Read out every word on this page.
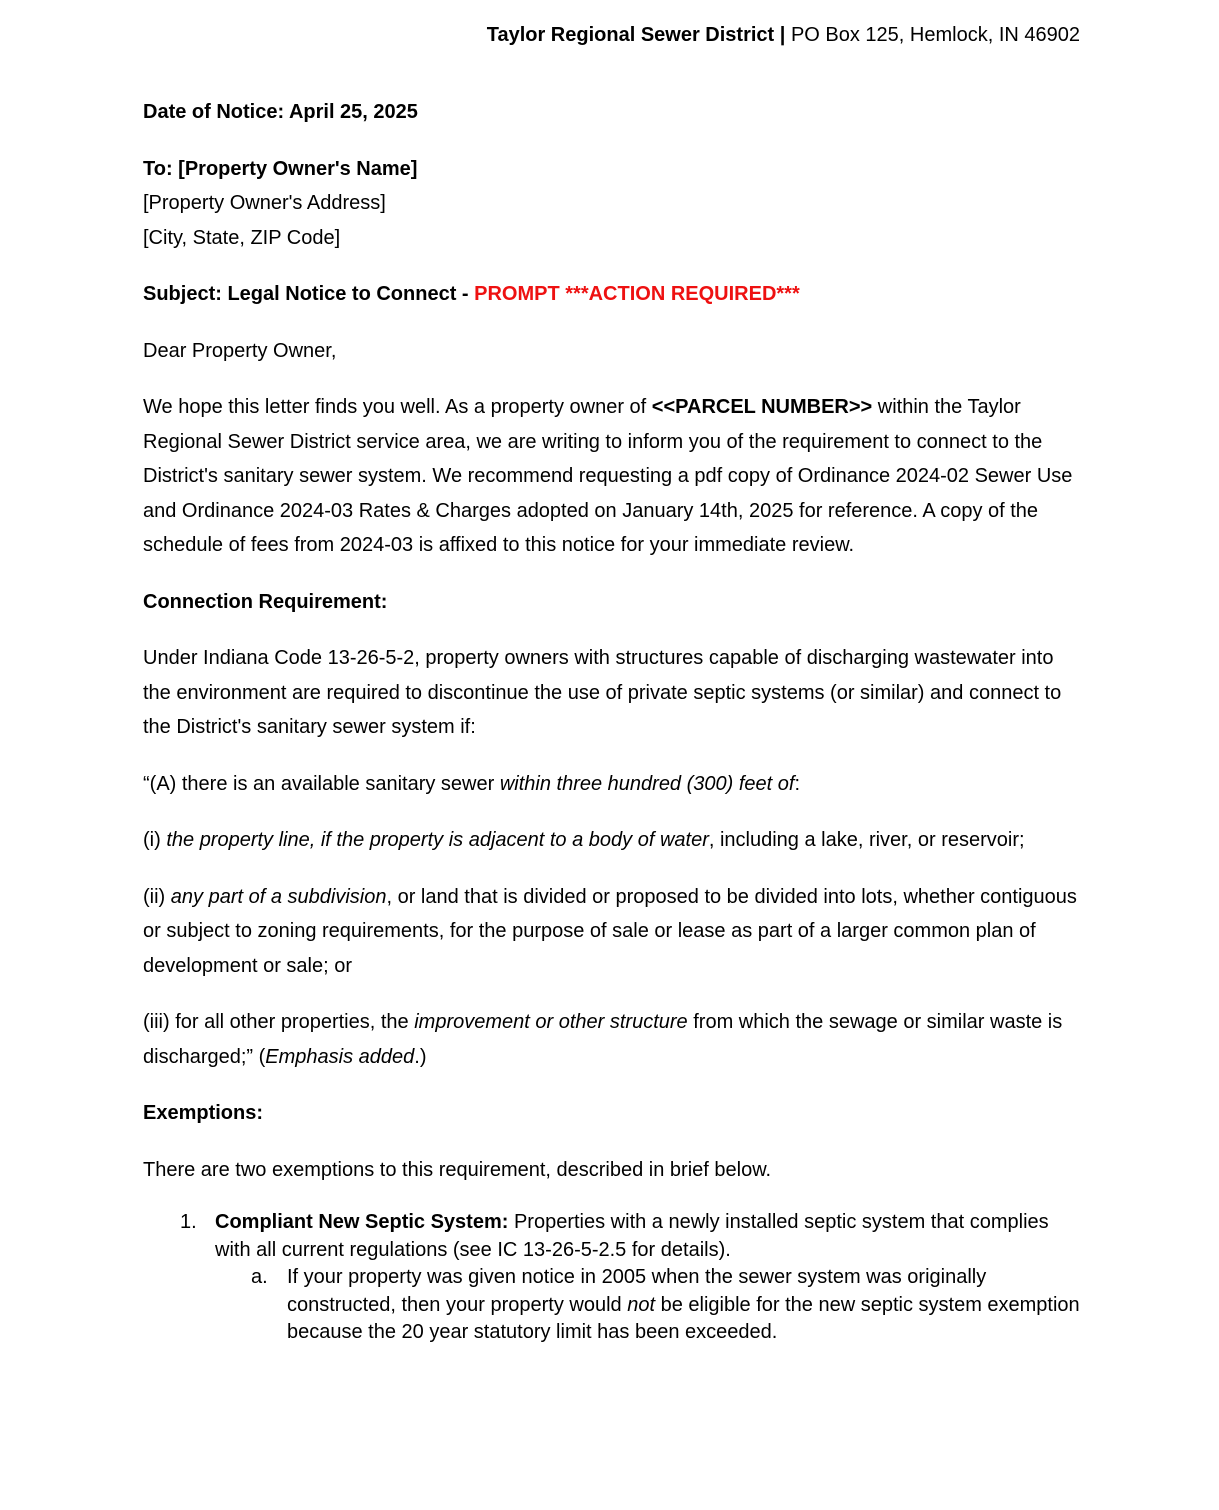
Taylor Regional Sewer District | PO Box 125, Hemlock, IN 46902

Date of Notice: April 25, 2025

To: [Property Owner's Name]
[Property Owner's Address]
[City, State, ZIP Code]

Subject: Legal Notice to Connect - PROMPT ***ACTION REQUIRED***

Dear Property Owner,

We hope this letter finds you well. As a property owner of <<PARCEL NUMBER>> within the Taylor Regional Sewer District service area, we are writing to inform you of the requirement to connect to the District's sanitary sewer system. We recommend requesting a pdf copy of Ordinance 2024-02 Sewer Use and Ordinance 2024-03 Rates & Charges adopted on January 14th, 2025 for reference. A copy of the schedule of fees from 2024-03 is affixed to this notice for your immediate review.

Connection Requirement:

Under Indiana Code 13-26-5-2, property owners with structures capable of discharging wastewater into the environment are required to discontinue the use of private septic systems (or similar) and connect to the District's sanitary sewer system if:

“(A) there is an available sanitary sewer within three hundred (300) feet of:

(i) the property line, if the property is adjacent to a body of water, including a lake, river, or reservoir;

(ii) any part of a subdivision, or land that is divided or proposed to be divided into lots, whether contiguous or subject to zoning requirements, for the purpose of sale or lease as part of a larger common plan of development or sale; or

(iii) for all other properties, the improvement or other structure from which the sewage or similar waste is discharged;” (Emphasis added.)

Exemptions:

There are two exemptions to this requirement, described in brief below.

1. Compliant New Septic System: Properties with a newly installed septic system that complies with all current regulations (see IC 13-26-5-2.5 for details).
a. If your property was given notice in 2005 when the sewer system was originally constructed, then your property would not be eligible for the new septic system exemption because the 20 year statutory limit has been exceeded.
